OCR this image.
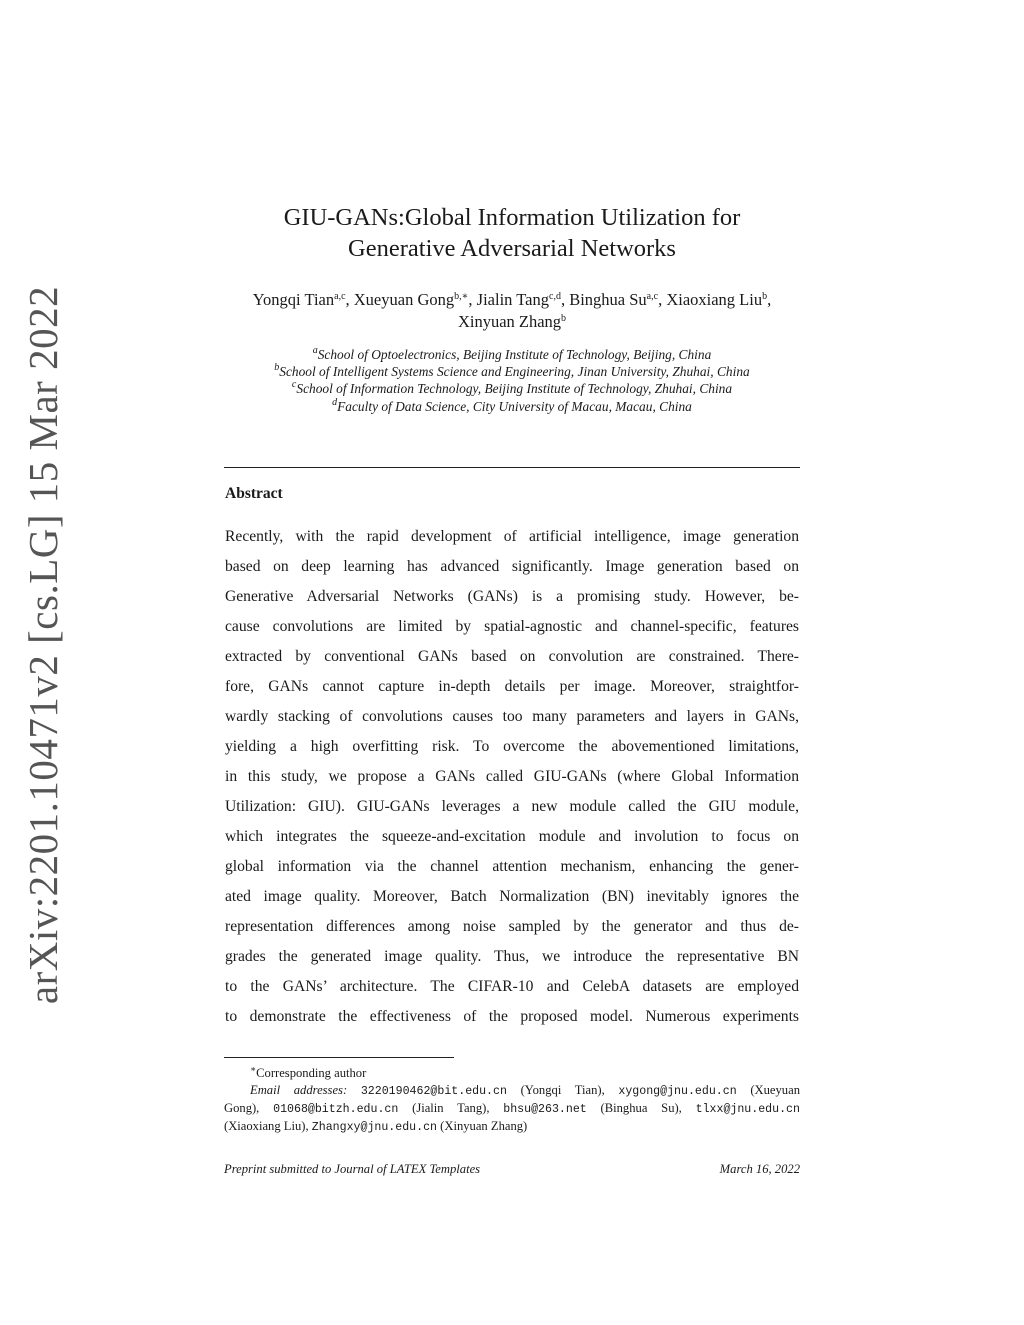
arXiv:2201.10471v2 [cs.LG] 15 Mar 2022
GIU-GANs:Global Information Utilization for
Generative Adversarial Networks
Yongqi Tian$^{a,c}$, Xueyuan Gong$^{b,∗}$, Jialin Tang$^{c,d}$, Binghua Su$^{a,c}$, Xiaoxiang Liu$^b$, Xinyuan Zhang$^b$
$^a$School of Optoelectronics, Beijing Institute of Technology, Beijing, China
$^b$School of Intelligent Systems Science and Engineering, Jinan University, Zhuhai, China
$^c$School of Information Technology, Beijing Institute of Technology, Zhuhai, China
$^d$Faculty of Data Science, City University of Macau, Macau, China
Abstract
Recently, with the rapid development of artificial intelligence, image generation
based on deep learning has advanced significantly. Image generation based on
Generative Adversarial Networks (GANs) is a promising study. However, be-
cause convolutions are limited by spatial-agnostic and channel-specific, features
extracted by conventional GANs based on convolution are constrained. There-
fore, GANs cannot capture in-depth details per image. Moreover, straightfor-
wardly stacking of convolutions causes too many parameters and layers in GANs,
yielding a high overfitting risk. To overcome the abovementioned limitations,
in this study, we propose a GANs called GIU-GANs (where Global Information
Utilization: GIU). GIU-GANs leverages a new module called the GIU module,
which integrates the squeeze-and-excitation module and involution to focus on
global information via the channel attention mechanism, enhancing the gener-
ated image quality. Moreover, Batch Normalization (BN) inevitably ignores the
representation differences among noise sampled by the generator and thus de-
grades the generated image quality. Thus, we introduce the representative BN
to the GANs’ architecture. The CIFAR-10 and CelebA datasets are employed
to demonstrate the effectiveness of the proposed model. Numerous experiments
∗Corresponding author
Email addresses: 3220190462@bit.edu.cn (Yongqi Tian), xygong@jnu.edu.cn (Xueyuan
Gong), 01068@bitzh.edu.cn (Jialin Tang), bhsu@263.net (Binghua Su), tlxx@jnu.edu.cn
(Xiaoxiang Liu), Zhangxy@jnu.edu.cn (Xinyuan Zhang)
Preprint submitted to Journal of LATEX Templates	March 16, 2022
